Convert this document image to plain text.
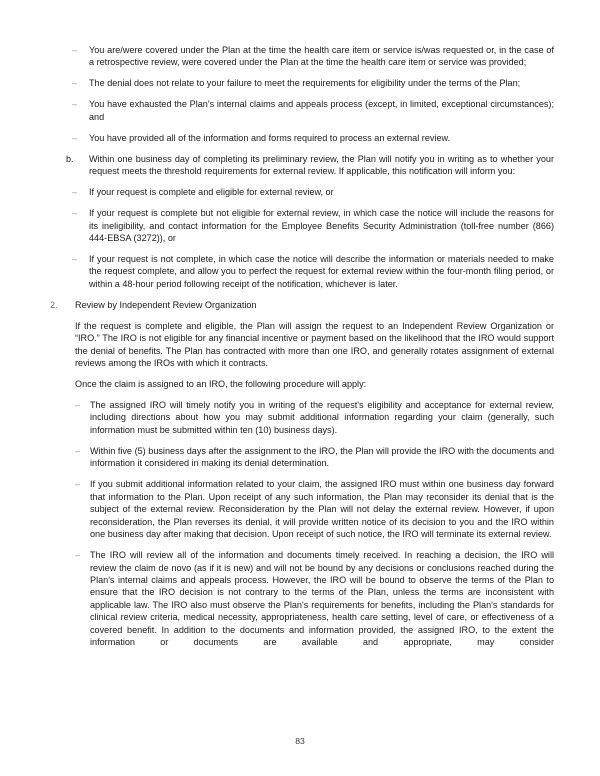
– You are/were covered under the Plan at the time the health care item or service is/was requested or, in the case of a retrospective review, were covered under the Plan at the time the health care item or service was provided;
– The denial does not relate to your failure to meet the requirements for eligibility under the terms of the Plan;
– You have exhausted the Plan's internal claims and appeals process (except, in limited, exceptional circumstances); and
– You have provided all of the information and forms required to process an external review.
b. Within one business day of completing its preliminary review, the Plan will notify you in writing as to whether your request meets the threshold requirements for external review. If applicable, this notification will inform you:
– If your request is complete and eligible for external review, or
– If your request is complete but not eligible for external review, in which case the notice will include the reasons for its ineligibility, and contact information for the Employee Benefits Security Administration (toll-free number (866) 444-EBSA (3272)), or
– If your request is not complete, in which case the notice will describe the information or materials needed to make the request complete, and allow you to perfect the request for external review within the four-month filing period, or within a 48-hour period following receipt of the notification, whichever is later.
2. Review by Independent Review Organization

If the request is complete and eligible, the Plan will assign the request to an Independent Review Organization or “IRO.” The IRO is not eligible for any financial incentive or payment based on the likelihood that the IRO would support the denial of benefits. The Plan has contracted with more than one IRO, and generally rotates assignment of external reviews among the IROs with which it contracts.

Once the claim is assigned to an IRO, the following procedure will apply:

– The assigned IRO will timely notify you in writing of the request's eligibility and acceptance for external review, including directions about how you may submit additional information regarding your claim (generally, such information must be submitted within ten (10) business days).
– Within five (5) business days after the assignment to the IRO, the Plan will provide the IRO with the documents and information it considered in making its denial determination.
– If you submit additional information related to your claim, the assigned IRO must within one business day forward that information to the Plan. Upon receipt of any such information, the Plan may reconsider its denial that is the subject of the external review. Reconsideration by the Plan will not delay the external review. However, if upon reconsideration, the Plan reverses its denial, it will provide written notice of its decision to you and the IRO within one business day after making that decision. Upon receipt of such notice, the IRO will terminate its external review.
– The IRO will review all of the information and documents timely received. In reaching a decision, the IRO will review the claim de novo (as if it is new) and will not be bound by any decisions or conclusions reached during the Plan's internal claims and appeals process. However, the IRO will be bound to observe the terms of the Plan to ensure that the IRO decision is not contrary to the terms of the Plan, unless the terms are inconsistent with applicable law. The IRO also must observe the Plan's requirements for benefits, including the Plan's standards for clinical review criteria, medical necessity, appropriateness, health care setting, level of care, or effectiveness of a covered benefit. In addition to the documents and information provided, the assigned IRO, to the extent the information or documents are available and appropriate, may consider
83
